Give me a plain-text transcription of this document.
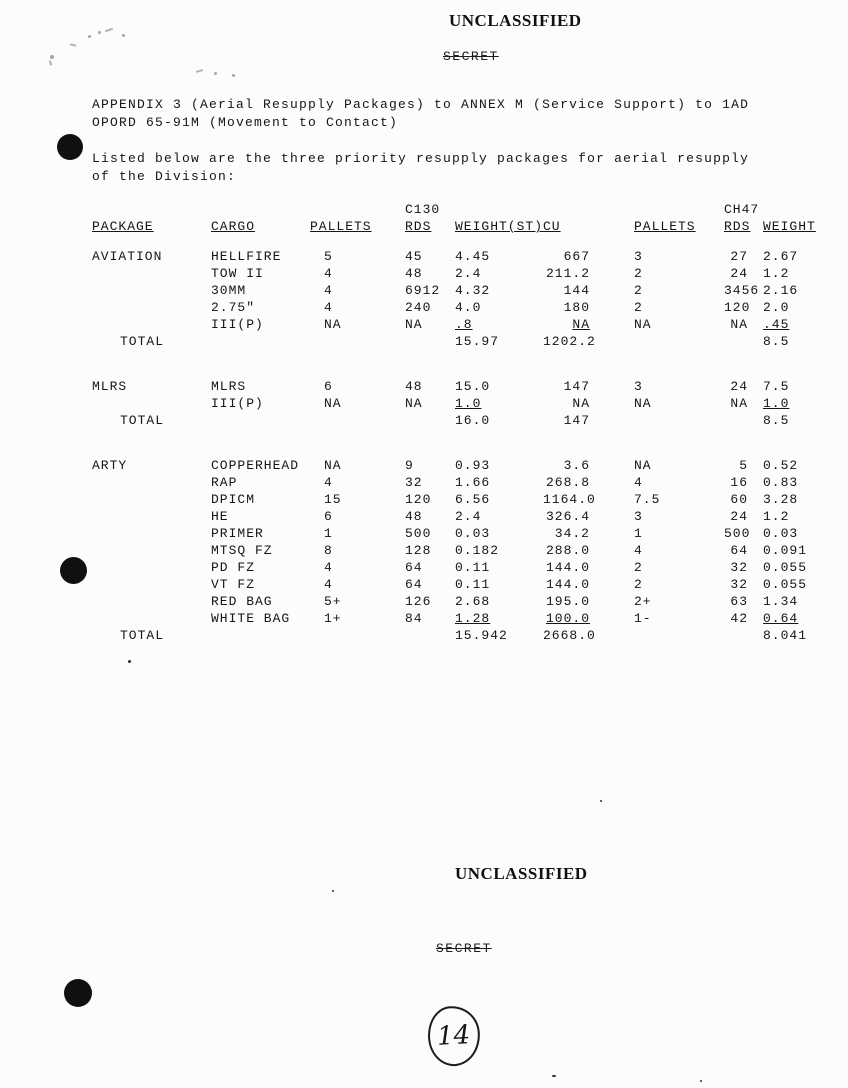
UNCLASSIFIED
SECRET
APPENDIX 3 (Aerial Resupply Packages) to ANNEX M (Service Support) to 1AD
OPORD 65-91M (Movement to Contact)
Listed below are the three priority resupply packages for aerial resupply
of the Division:
			C130				CH47	
PACKAGE	CARGO	PALLETS	RDS	WEIGHT(ST)	CU	PALLETS	RDS	WEIGHT
AVIATION	HELLFIRE	5	45	4.45	667	3	27	2.67
	TOW II	4	48	2.4	211.2	2	24	1.2
	30MM	4	6912	4.32	144	2	3456	2.16
	2.75"	4	240	4.0	180	2	120	2.0
	III(P)	NA	NA	.8	NA	NA	NA	.45
TOTAL				15.97	1202.2			8.5

MLRS	MLRS	6	48	15.0	147	3	24	7.5
	III(P)	NA	NA	1.0	NA	NA	NA	1.0
TOTAL				16.0	147			8.5

ARTY	COPPERHEAD	NA	9	0.93	3.6	NA	5	0.52
	RAP	4	32	1.66	268.8	4	16	0.83
	DPICM	15	120	6.56	1164.0	7.5	60	3.28
	HE	6	48	2.4	326.4	3	24	1.2
	PRIMER	1	500	0.03	34.2	1	500	0.03
	MTSQ FZ	8	128	0.182	288.0	4	64	0.091
	PD FZ	4	64	0.11	144.0	2	32	0.055
	VT FZ	4	64	0.11	144.0	2	32	0.055
	RED BAG	5+	126	2.68	195.0	2+	63	1.34
	WHITE BAG	1+	84	1.28	100.0	1-	42	0.64
TOTAL				15.942	2668.0			8.041
UNCLASSIFIED
SECRET
14
